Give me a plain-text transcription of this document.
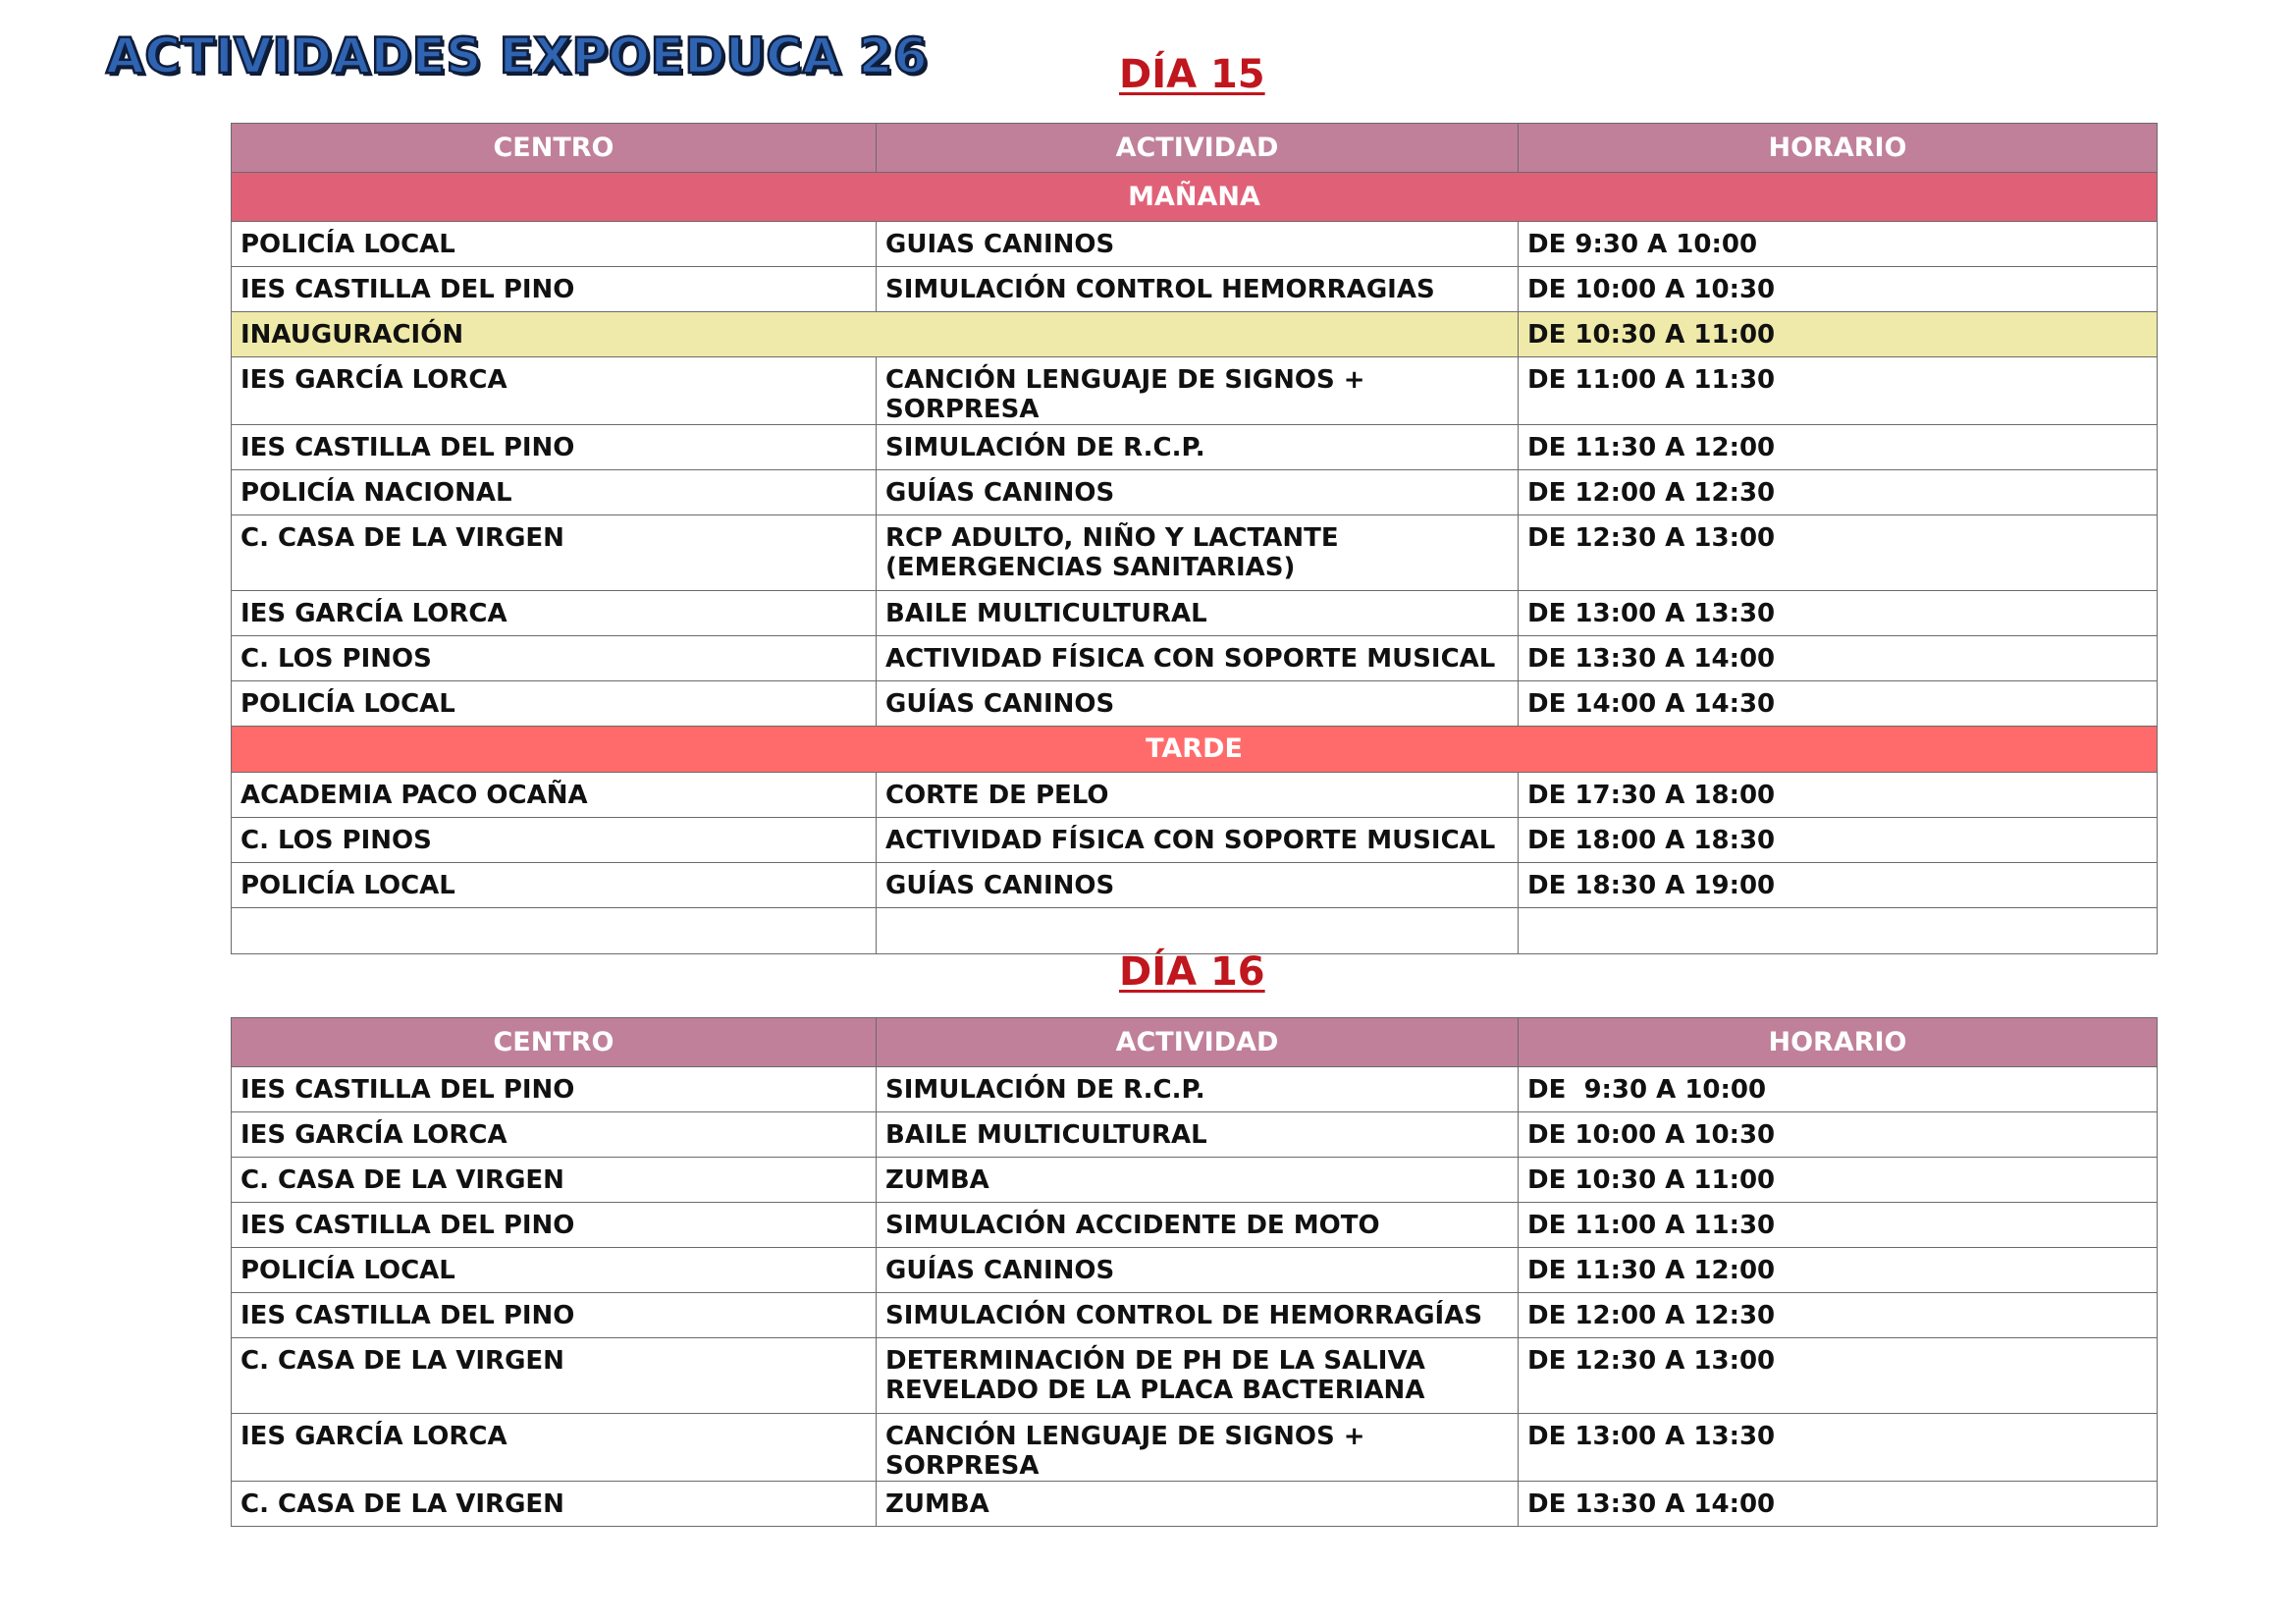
ACTIVIDADES EXPOEDUCA 26	DÍA 15
CENTRO	ACTIVIDAD	HORARIO
MAÑANA		
POLICÍA LOCAL	GUIAS CANINOS	DE 9:30 A 10:00
IES CASTILLA DEL PINO	SIMULACIÓN CONTROL HEMORRAGIAS	DE 10:00 A 10:30
INAUGURACIÓN		DE 10:30 A 11:00
IES GARCÍA LORCA	CANCIÓN LENGUAJE DE SIGNOS + SORPRESA	DE 11:00 A 11:30
IES CASTILLA DEL PINO	SIMULACIÓN DE R.C.P.	DE 11:30 A 12:00
POLICÍA NACIONAL	GUÍAS CANINOS	DE 12:00 A 12:30
C. CASA DE LA VIRGEN	RCP ADULTO, NIÑO Y LACTANTE (EMERGENCIAS SANITARIAS)	DE 12:30 A 13:00
IES GARCÍA LORCA	BAILE MULTICULTURAL	DE 13:00 A 13:30
C. LOS PINOS	ACTIVIDAD FÍSICA CON SOPORTE MUSICAL	DE 13:30 A 14:00
POLICÍA LOCAL	GUÍAS CANINOS	DE 14:00 A 14:30
TARDE		
ACADEMIA PACO OCAÑA	CORTE DE PELO	DE 17:30 A 18:00
C. LOS PINOS	ACTIVIDAD FÍSICA CON SOPORTE MUSICAL	DE 18:00 A 18:30
POLICÍA LOCAL	GUÍAS CANINOS	DE 18:30 A 19:00

DÍA 16
CENTRO	ACTIVIDAD	HORARIO
IES CASTILLA DEL PINO	SIMULACIÓN DE R.C.P.	DE  9:30 A 10:00
IES GARCÍA LORCA	BAILE MULTICULTURAL	DE 10:00 A 10:30
C. CASA DE LA VIRGEN	ZUMBA	DE 10:30 A 11:00
IES CASTILLA DEL PINO	SIMULACIÓN ACCIDENTE DE MOTO	DE 11:00 A 11:30
POLICÍA LOCAL	GUÍAS CANINOS	DE 11:30 A 12:00
IES CASTILLA DEL PINO	SIMULACIÓN CONTROL DE HEMORRAGÍAS	DE 12:00 A 12:30
C. CASA DE LA VIRGEN	DETERMINACIÓN DE PH DE LA SALIVA REVELADO DE LA PLACA BACTERIANA	DE 12:30 A 13:00
IES GARCÍA LORCA	CANCIÓN LENGUAJE DE SIGNOS + SORPRESA	DE 13:00 A 13:30
C. CASA DE LA VIRGEN	ZUMBA	DE 13:30 A 14:00
